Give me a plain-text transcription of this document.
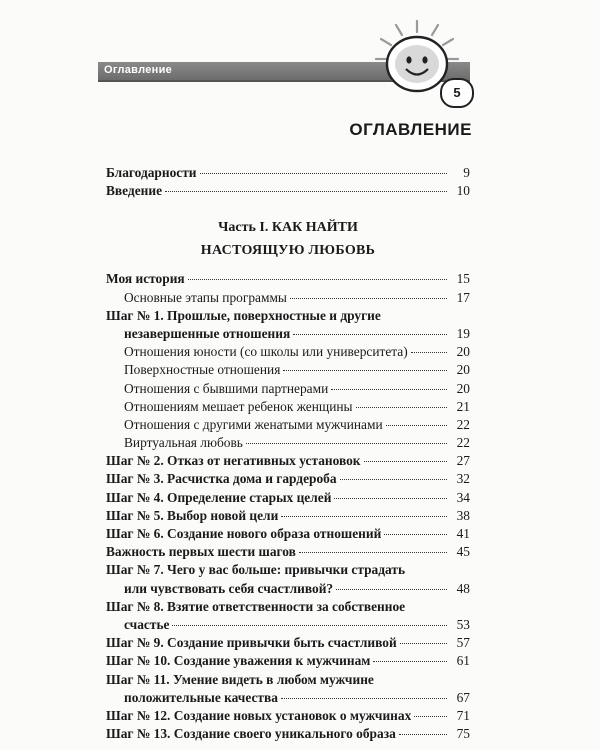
Оглавление
5
ОГЛАВЛЕНИЕ
Благодарности	9
Введение	10
Часть I. КАК НАЙТИ
НАСТОЯЩУЮ ЛЮБОВЬ
Моя история	15
Основные этапы программы	17
Шаг № 1. Прошлые, поверхностные и другие
незавершенные отношения	19
Отношения юности (со школы или университета)	20
Поверхностные отношения	20
Отношения с бывшими партнерами	20
Отношениям мешает ребенок женщины	21
Отношения с другими женатыми мужчинами	22
Виртуальная любовь	22
Шаг № 2. Отказ от негативных установок	27
Шаг № 3. Расчистка дома и гардероба	32
Шаг № 4. Определение старых целей	34
Шаг № 5. Выбор новой цели	38
Шаг № 6. Создание нового образа отношений	41
Важность первых шести шагов	45
Шаг № 7. Чего у вас больше: привычки страдать
или чувствовать себя счастливой?	48
Шаг № 8. Взятие ответственности за собственное
счастье	53
Шаг № 9. Создание привычки быть счастливой	57
Шаг № 10. Создание уважения к мужчинам	61
Шаг № 11. Умение видеть в любом мужчине
положительные качества	67
Шаг № 12. Создание новых установок о мужчинах	71
Шаг № 13. Создание своего уникального образа	75
